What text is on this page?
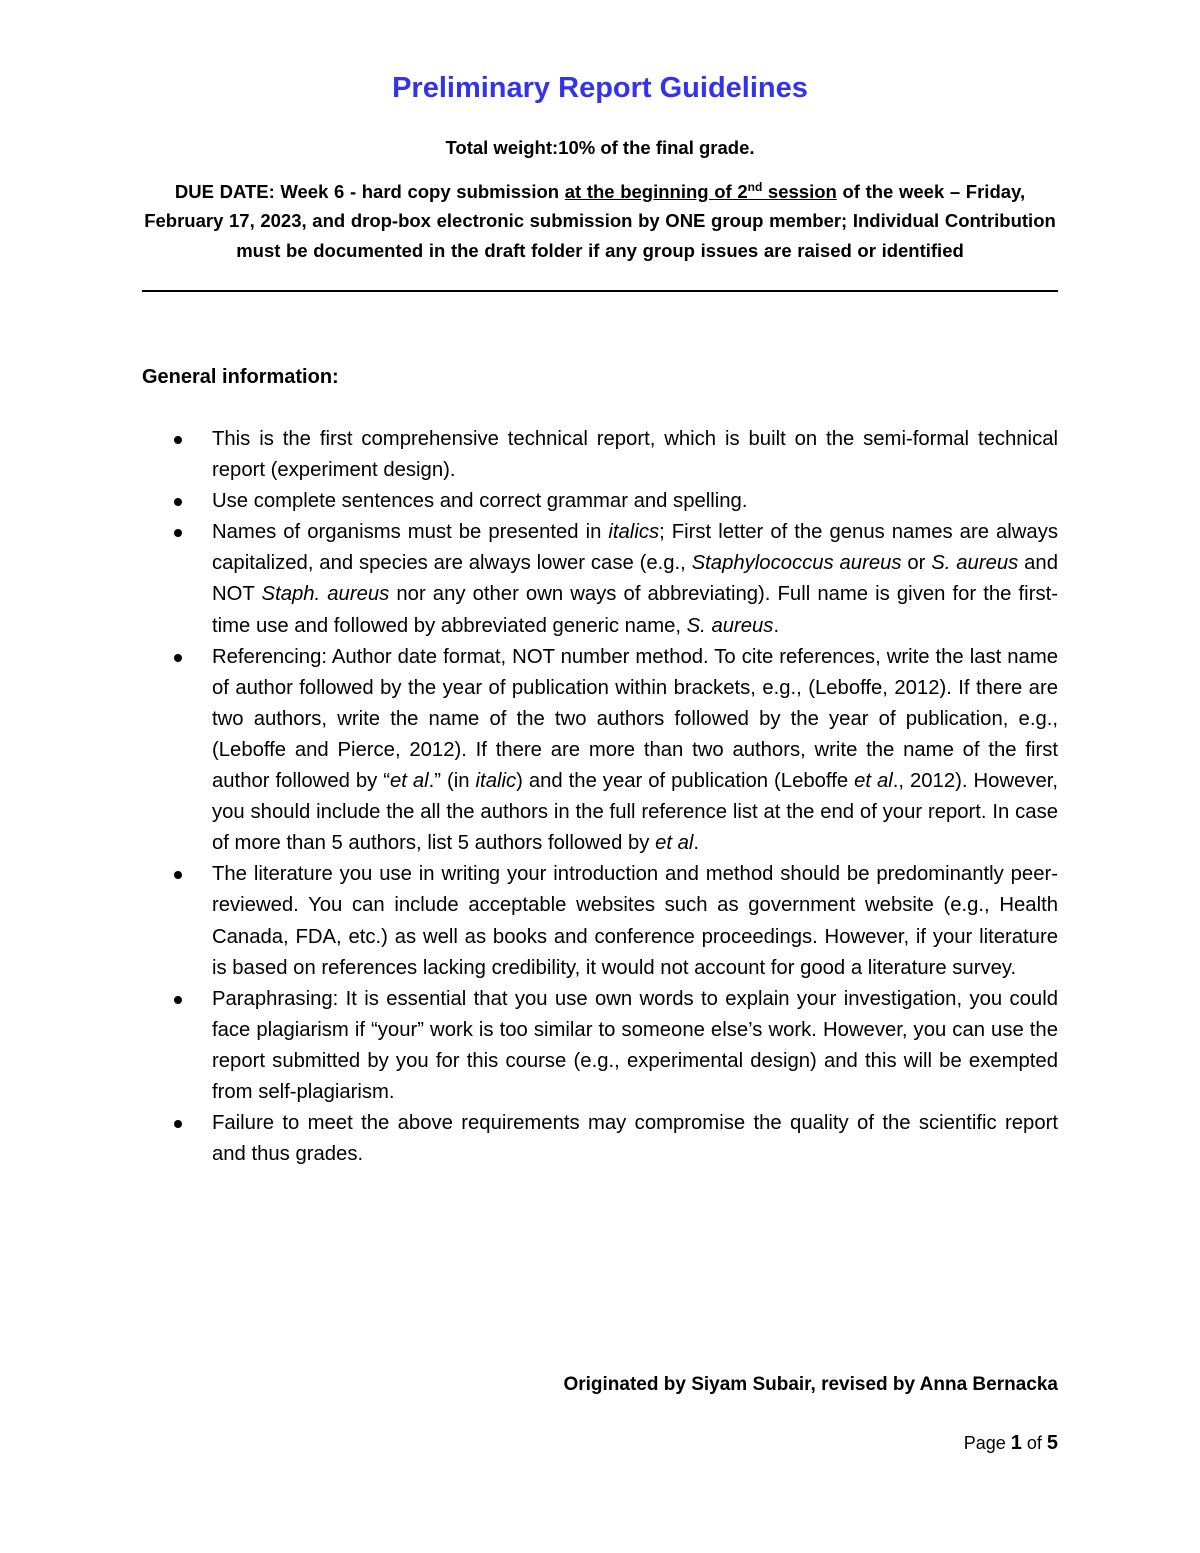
Preliminary Report Guidelines
Total weight:10% of the final grade.

DUE DATE: Week 6 - hard copy submission at the beginning of 2nd session of the week – Friday, February 17, 2023, and drop-box electronic submission by ONE group member; Individual Contribution must be documented in the draft folder if any group issues are raised or identified

General information:
This is the first comprehensive technical report, which is built on the semi-formal technical report (experiment design).
Use complete sentences and correct grammar and spelling.
Names of organisms must be presented in italics; First letter of the genus names are always capitalized, and species are always lower case (e.g., Staphylococcus aureus or S. aureus and NOT Staph. aureus nor any other own ways of abbreviating). Full name is given for the first-time use and followed by abbreviated generic name, S. aureus.
Referencing: Author date format, NOT number method. To cite references, write the last name of author followed by the year of publication within brackets, e.g., (Leboffe, 2012). If there are two authors, write the name of the two authors followed by the year of publication, e.g., (Leboffe and Pierce, 2012). If there are more than two authors, write the name of the first author followed by “et al.” (in italic) and the year of publication (Leboffe et al., 2012). However, you should include the all the authors in the full reference list at the end of your report. In case of more than 5 authors, list 5 authors followed by et al.
The literature you use in writing your introduction and method should be predominantly peer-reviewed. You can include acceptable websites such as government website (e.g., Health Canada, FDA, etc.) as well as books and conference proceedings. However, if your literature is based on references lacking credibility, it would not account for good a literature survey.
Paraphrasing: It is essential that you use own words to explain your investigation, you could face plagiarism if “your” work is too similar to someone else’s work. However, you can use the report submitted by you for this course (e.g., experimental design) and this will be exempted from self-plagiarism.
Failure to meet the above requirements may compromise the quality of the scientific report and thus grades.
Originated by Siyam Subair, revised by Anna Bernacka
Page 1 of 5
